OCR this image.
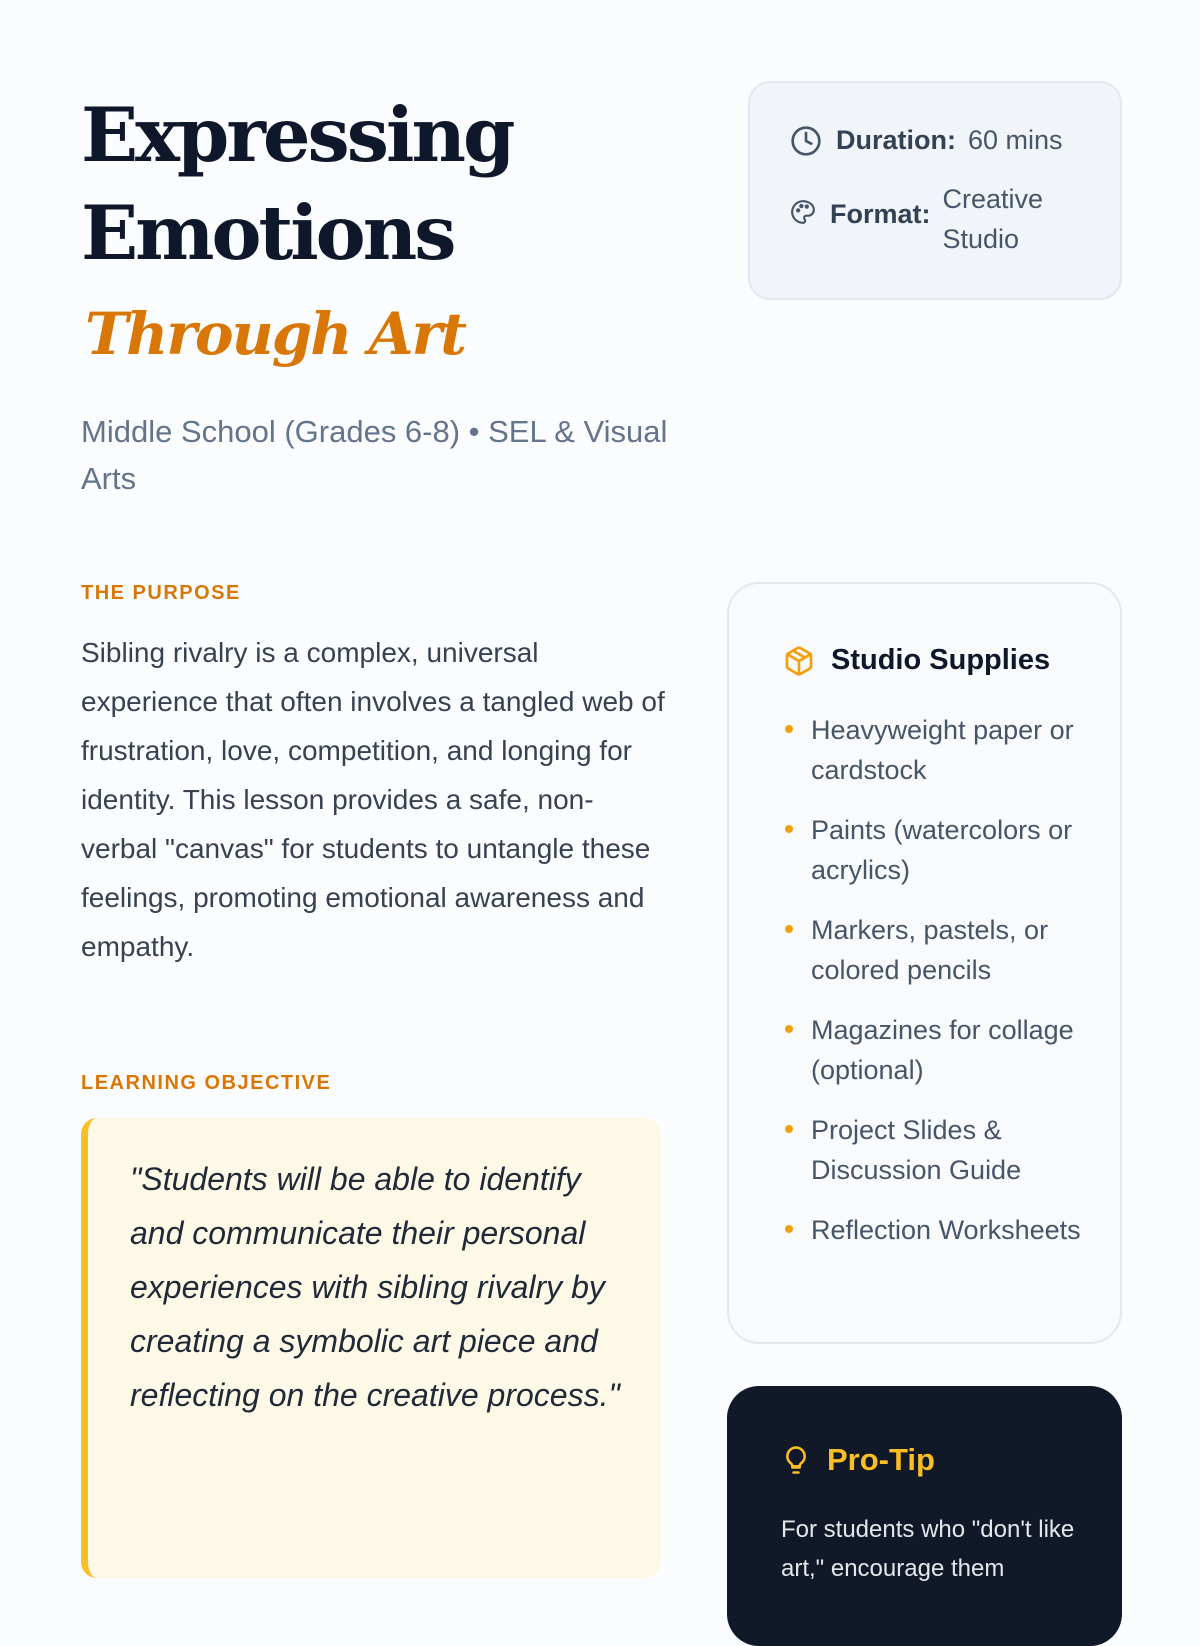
Expressing Emotions
Through Art
Middle School (Grades 6-8) • SEL & Visual Arts
Duration: 60 mins
Format: Creative Studio
THE PURPOSE

Sibling rivalry is a complex, universal experience that often involves a tangled web of frustration, love, competition, and longing for identity. This lesson provides a safe, non-verbal "canvas" for students to untangle these feelings, promoting emotional awareness and empathy.

LEARNING OBJECTIVE

"Students will be able to identify and communicate their personal experiences with sibling rivalry by creating a symbolic art piece and reflecting on the creative process."

Studio Supplies
Heavyweight paper or cardstock
Paints (watercolors or acrylics)
Markers, pastels, or colored pencils
Magazines for collage (optional)
Project Slides & Discussion Guide
Reflection Worksheets
Pro-Tip

For students who "don't like art," encourage them
